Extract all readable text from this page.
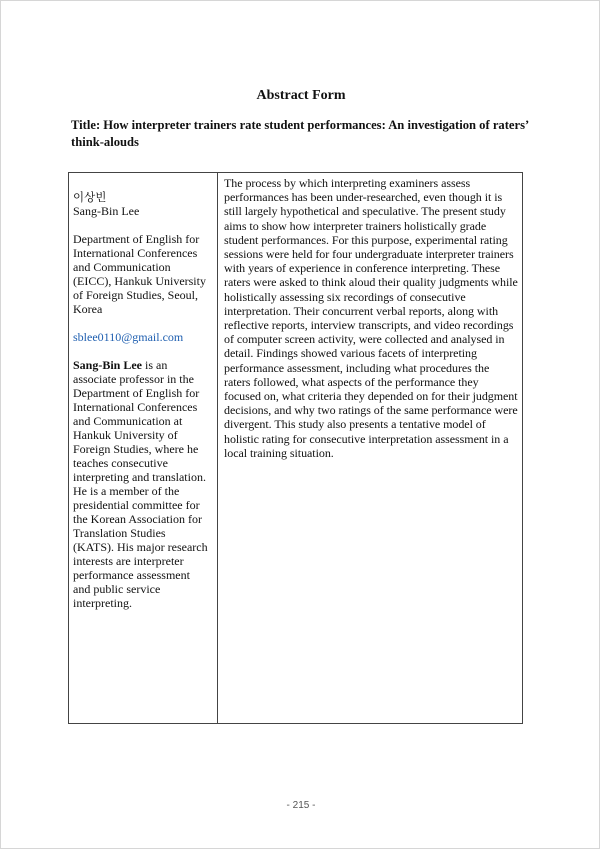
Abstract Form
Title: How interpreter trainers rate student performances: An investigation of raters’ think-alouds

이상빈
Sang-Bin Lee

Department of English for International Conferences and Communication (EICC), Hankuk University of Foreign Studies, Seoul, Korea

sblee0110@gmail.com

Sang-Bin Lee is an associate professor in the Department of English for International Conferences and Communication at Hankuk University of Foreign Studies, where he teaches consecutive interpreting and translation. He is a member of the presidential committee for the Korean Association for Translation Studies (KATS). His major research interests are interpreter performance assessment and public service interpreting.

The process by which interpreting examiners assess performances has been under-researched, even though it is still largely hypothetical and speculative. The present study aims to show how interpreter trainers holistically grade student performances. For this purpose, experimental rating sessions were held for four undergraduate interpreter trainers with years of experience in conference interpreting. These raters were asked to think aloud their quality judgments while holistically assessing six recordings of consecutive interpretation. Their concurrent verbal reports, along with reflective reports, interview transcripts, and video recordings of computer screen activity, were collected and analysed in detail. Findings showed various facets of interpreting performance assessment, including what procedures the raters followed, what aspects of the performance they focused on, what criteria they depended on for their judgment decisions, and why two ratings of the same performance were divergent. This study also presents a tentative model of holistic rating for consecutive interpretation assessment in a local training situation.
- 215 -
